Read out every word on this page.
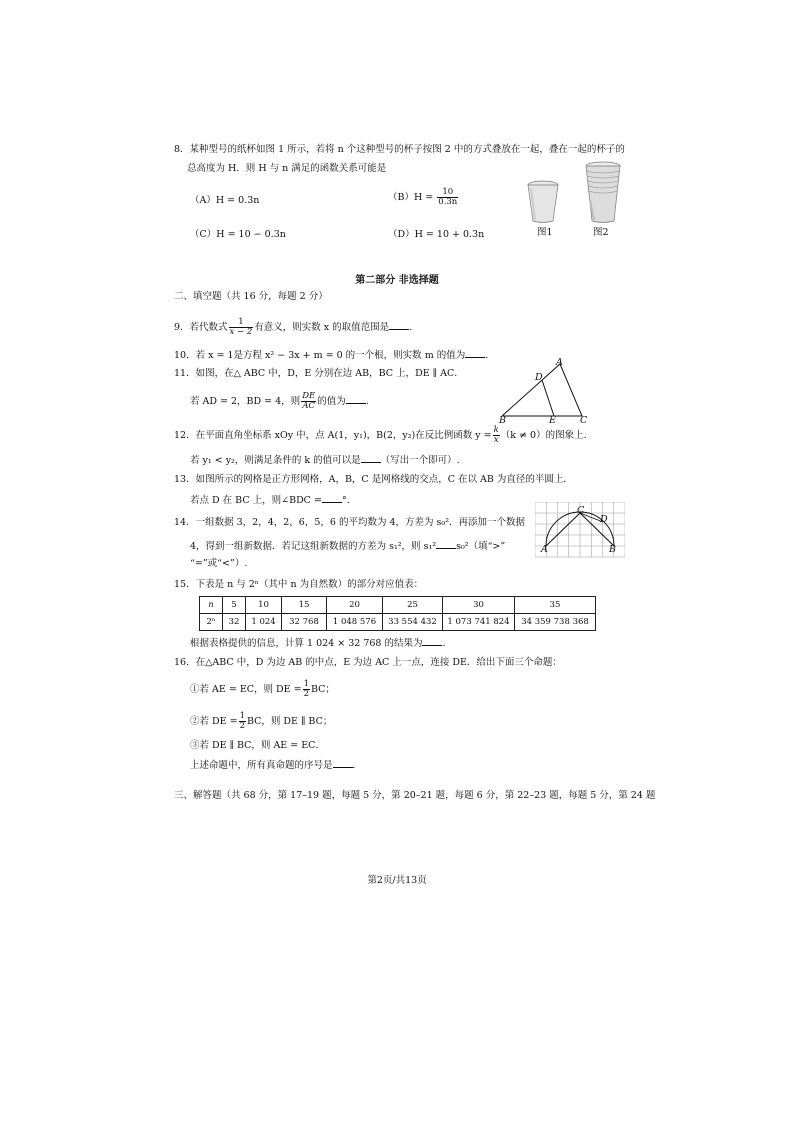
8．某种型号的纸杯如图 1 所示，若将 n 个这种型号的杯子按图 2 中的方式叠放在一起，叠在一起的杯子的
总高度为 H．则 H 与 n 满足的函数关系可能是
（A）H = 0.3n	$(B)H = \frac{10}{0.3n}$
（C）H = 10 − 0.3n	（D）H = 10 + 0.3n	图1	图2
第二部分 非选择题
二、填空题（共 16 分，每题 2 分）
9．若代数式 $\frac{1}{x - 2}$ 有意义，则实数 x 的取值范围是 .
10．若 x = 1是方程 x² − 3x + m = 0 的一个根，则实数 m 的值为 .
11．如图，在△ ABC 中，D，E 分别在边 AB，BC 上，DE ∥ AC．
若 AD = 2，BD = 4，则 $\frac{DE}{AC}$ 的值为 .
A
D
B	E	C
12．在平面直角坐标系 xOy 中，点 A(1，y₁)，B(2，y₂)在反比例函数 $y = \frac{k}{x} (k \ne 0)$的图象上.
若 y₁ < y₂，则满足条件的 k 的值可以是 （写出一个即可）.
13．如图所示的网格是正方形网格，A，B，C 是网格线的交点，C 在以 AB 为直径的半圆上．
若点 D 在 BC 上，则∠BDC = °．
C
D
A	B
14．一组数据 3，2，4，2，6，5，6 的平均数为 4，方差为 s₀²．再添加一个数据
4，得到一组新数据．若记这组新数据的方差为 s₁²，则 s₁² s₀²（填“>”
“=”或“<”）.
15．下表是 n 与 2ⁿ（其中 n 为自然数）的部分对应值表：
n	5	10	15	20	25	30	35
2ⁿ	32	1 024	32 768	1 048 576	33 554 432	1 073 741 824	34 359 738 368
根据表格提供的信息，计算 1 024 × 32 768 的结果为 .
16．在△ABC 中，D 为边 AB 的中点，E 为边 AC 上一点，连接 DE．给出下面三个命题：
①若 AE = EC，则 DE = $\frac{1}{2}$ BC；
②若 DE = $\frac{1}{2}$ BC，则 DE ∥ BC；
③若 DE ∥ BC，则 AE = EC．
上述命题中，所有真命题的序号是 .
三、解答题（共 68 分，第 17–19 题，每题 5 分，第 20–21 题，每题 6 分，第 22–23 题，每题 5 分，第 24 题
第2页/共13页
